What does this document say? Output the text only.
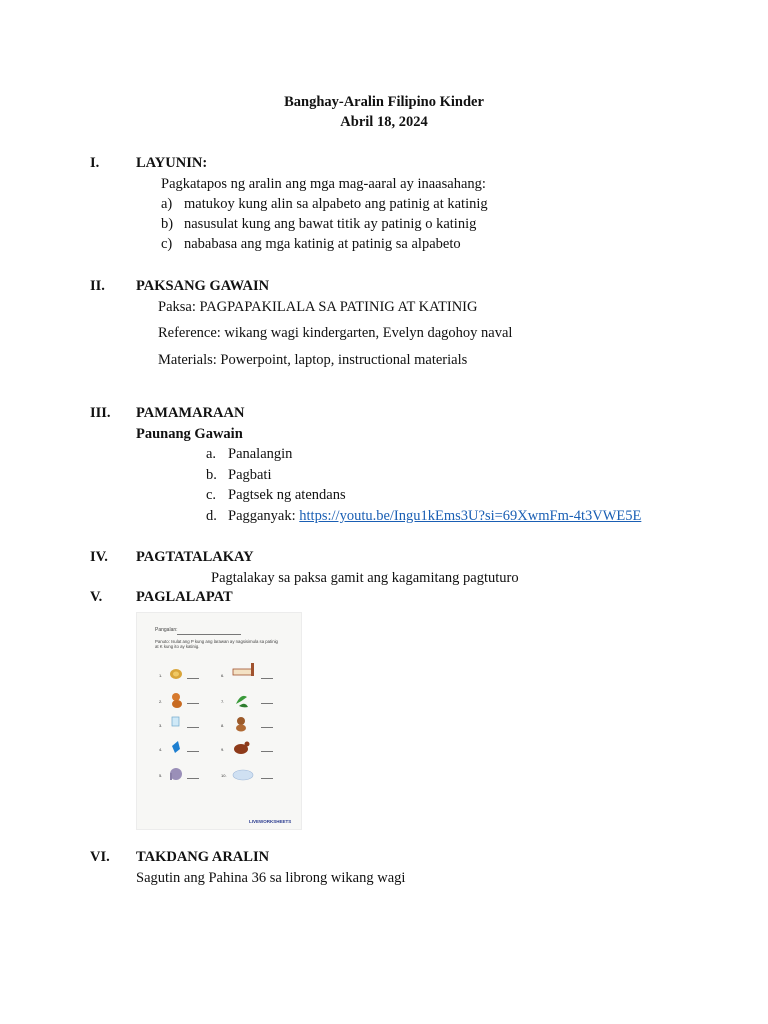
Banghay-Aralin Filipino Kinder
Abril 18, 2024
I.	LAYUNIN:
Pagkatapos ng aralin ang mga mag-aaral ay inaasahang:
a) matukoy kung alin sa alpabeto ang patinig at katinig
b) nasusulat kung ang bawat titik ay patinig o katinig
c) nababasa ang mga katinig at patinig sa alpabeto
II. PAKSANG GAWAIN
Paksa: PAGPAPAKILALA SA PATINIG AT KATINIG
Reference: wikang wagi kindergarten, Evelyn dagohoy naval
Materials: Powerpoint, laptop, instructional materials
III. PAMAMARAAN
Paunang Gawain
a. Panalangin
b. Pagbati
c. Pagtsek ng atendans
d. Pagganyak: https://youtu.be/Ingu1kEms3U?si=69XwmFm-4t3VWE5E
IV. PAGTATALAKAY
Pagtalakay sa paksa gamit ang kagamitang pagtuturo
V. PAGLALAPAT
Pangalan:
Panuto: Isulat ang P kung ang larawan ay nagsisimula sa patinig at K kung ito ay katinig.
1.
2.
3.
4.
5.
6.
7.
8.
9.
10.
LIVEWORKSHEETS
VI. TAKDANG ARALIN
Sagutin ang Pahina 36 sa librong wikang wagi
